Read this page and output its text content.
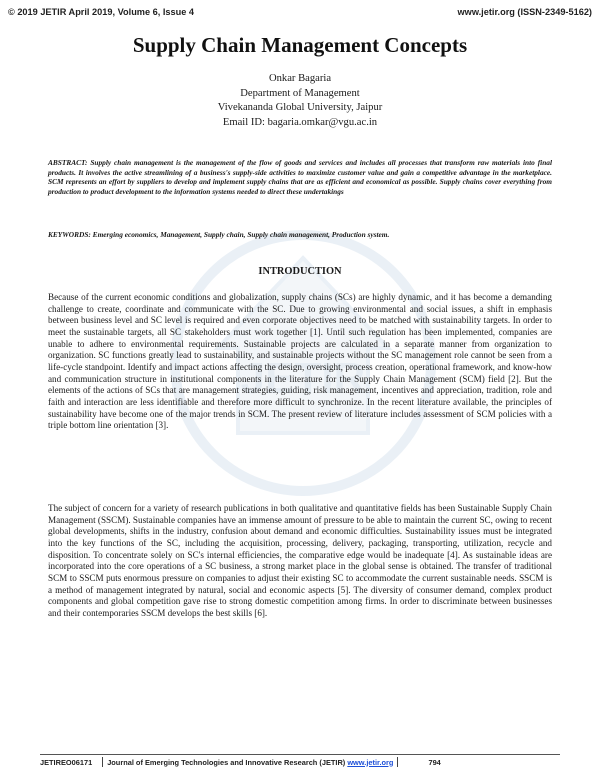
© 2019 JETIR April 2019, Volume 6, Issue 4	www.jetir.org (ISSN-2349-5162)
JETIR
Supply Chain Management Concepts
Onkar Bagaria
Department of Management
Vivekananda Global University, Jaipur
Email ID: bagaria.omkar@vgu.ac.in

ABSTRACT: Supply chain management is the management of the flow of goods and services and includes all processes that transform raw materials into final products. It involves the active streamlining of a business's supply-side activities to maximize customer value and gain a competitive advantage in the marketplace. SCM represents an effort by suppliers to develop and implement supply chains that are as efficient and economical as possible. Supply chains cover everything from production to product development to the information systems needed to direct these undertakings

KEYWORDS: Emerging economics, Management, Supply chain, Supply chain management, Production system.

INTRODUCTION

Because of the current economic conditions and globalization, supply chains (SCs) are highly dynamic, and it has become a demanding challenge to create, coordinate and communicate with the SC. Due to growing environmental and social issues, a shift in emphasis between business level and SC level is required and even corporate objectives need to be matched with sustainability targets. In order to meet the sustainable targets, all SC stakeholders must work together [1]. Until such regulation has been implemented, companies are unable to adhere to environmental requirements. Sustainable projects are calculated in a separate manner from organization to organization. SC functions greatly lead to sustainability, and sustainable projects without the SC management role cannot be seen from a life-cycle standpoint. Identify and impact actions affecting the design, oversight, process creation, operational framework, and know-how and communication structure in institutional components in the literature for the Supply Chain Management (SCM) field [2]. But the elements of the actions of SCs that are management strategies, guiding, risk management, incentives and appreciation, tradition, role and faith and interaction are less identifiable and therefore more difficult to synchronize. In the recent literature available, the principles of sustainability have become one of the major trends in SCM. The present review of literature includes assessment of SCM policies with a triple bottom line orientation [3].

The subject of concern for a variety of research publications in both qualitative and quantitative fields has been Sustainable Supply Chain Management (SSCM). Sustainable companies have an immense amount of pressure to be able to maintain the current SC, owing to recent global developments, shifts in the industry, confusion about demand and economic difficulties. Sustainability issues must be integrated into the key functions of the SC, including the acquisition, processing, delivery, packaging, transporting, utilization, recycle and disposition. To concentrate solely on SC's internal efficiencies, the comparative edge would be inadequate [4]. As sustainable ideas are incorporated into the core operations of a SC business, a strong market place in the global sense is obtained. The transfer of traditional SCM to SSCM puts enormous pressure on companies to adjust their existing SC to accommodate the current sustainable needs. SSCM is a method of management integrated by natural, social and economic aspects [5]. The diversity of consumer demand, complex product components and global competition gave rise to strong domestic competition among firms. In order to discriminate between businesses and their contemporaries SSCM develops the best skills [6].

JETIREO06171	Journal of Emerging Technologies and Innovative Research (JETIR) www.jetir.org	794
